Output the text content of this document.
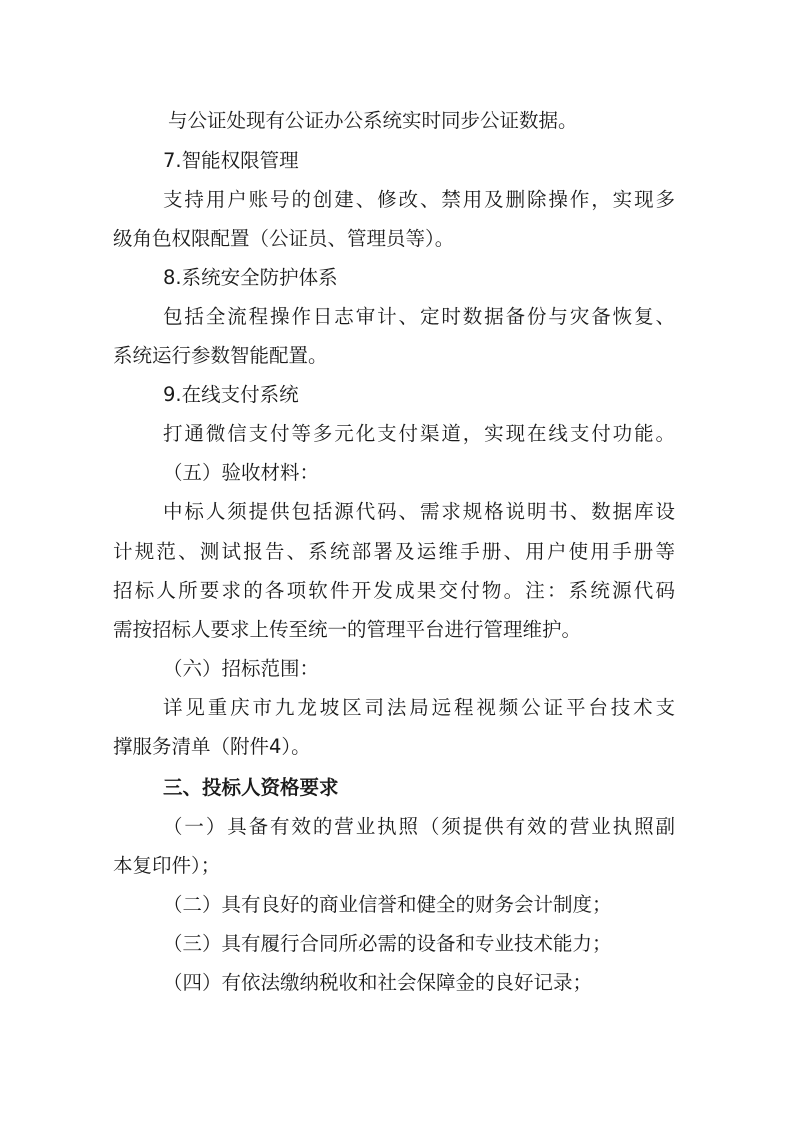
与公证处现有公证办公系统实时同步公证数据。

7.智能权限管理

支持用户账号的创建、修改、禁用及删除操作，实现多

级角色权限配置（公证员、管理员等）。

8.系统安全防护体系

包括全流程操作日志审计、定时数据备份与灾备恢复、

系统运行参数智能配置。

9.在线支付系统

打通微信支付等多元化支付渠道，实现在线支付功能。

（五）验收材料：

中标人须提供包括源代码、需求规格说明书、数据库设

计规范、测试报告、系统部署及运维手册、用户使用手册等

招标人所要求的各项软件开发成果交付物。注：系统源代码

需按招标人要求上传至统一的管理平台进行管理维护。

（六）招标范围：

详见重庆市九龙坡区司法局远程视频公证平台技术支

撑服务清单（附件4）。

三、投标人资格要求

（一）具备有效的营业执照（须提供有效的营业执照副

本复印件）；

（二）具有良好的商业信誉和健全的财务会计制度；

（三）具有履行合同所必需的设备和专业技术能力；

（四）有依法缴纳税收和社会保障金的良好记录；
